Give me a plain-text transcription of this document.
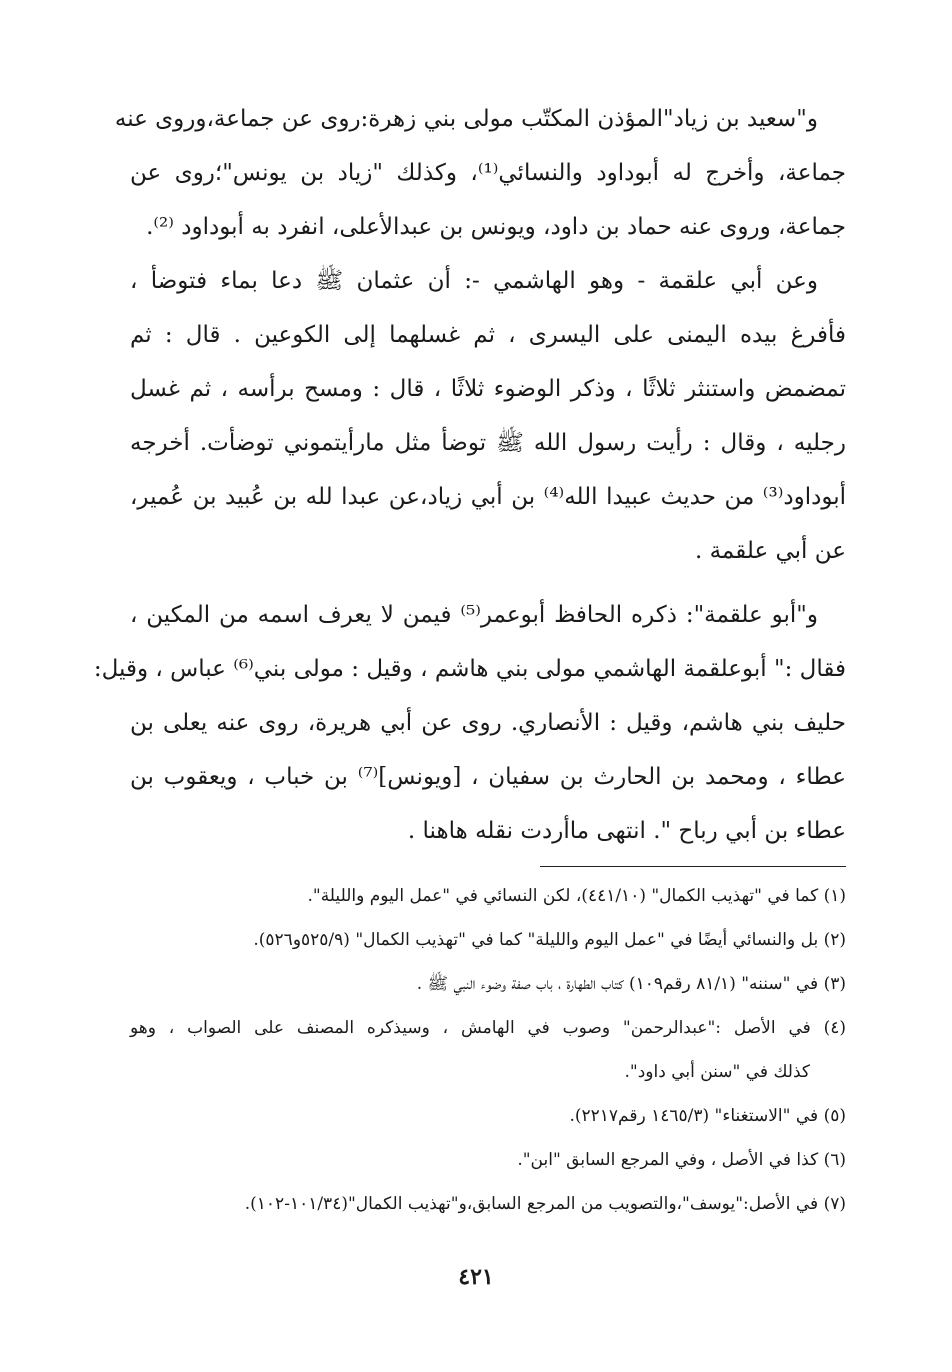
و"سعيد بن زياد"المؤذن المكتّب مولى بني زهرة:روى عن جماعة،وروى عنه
جماعة، وأخرج له أبوداود والنسائي⁽¹⁾، وكذلك "زياد بن يونس"؛روى عن
جماعة، وروى عنه حماد بن داود، ويونس بن عبدالأعلى، انفرد به أبوداود ⁽²⁾.
وعن أبي علقمة - وهو الهاشمي -: أن عثمان ﷺ دعا بماء فتوضأ ،
فأفرغ بيده اليمنى على اليسرى ، ثم غسلهما إلى الكوعين . قال : ثم
تمضمض واستنثر ثلاثًا ، وذكر الوضوء ثلاثًا ، قال : ومسح برأسه ، ثم غسل
رجليه ، وقال : رأيت رسول الله ﷺ توضأ مثل مارأيتموني توضأت. أخرجه
أبوداود⁽³⁾ من حديث عبيدا الله⁽⁴⁾ بن أبي زياد،عن عبدا لله بن عُبيد بن عُمير،
عن أبي علقمة .
و"أبو علقمة": ذكره الحافظ أبوعمر⁽⁵⁾ فيمن لا يعرف اسمه من المكين ،
فقال :" أبوعلقمة الهاشمي مولى بني هاشم ، وقيل : مولى بني⁽⁶⁾ عباس ، وقيل:
حليف بني هاشم، وقيل : الأنصاري. روى عن أبي هريرة، روى عنه يعلى بن
عطاء ، ومحمد بن الحارث بن سفيان ، [ويونس]⁽⁷⁾ بن خباب ، ويعقوب بن
عطاء بن أبي رباح ". انتهى ماأردت نقله هاهنا .
(١) كما في "تهذيب الكمال" (٤٤١/١٠)، لكن النسائي في "عمل اليوم والليلة".
(٢) بل والنسائي أيضًا في "عمل اليوم والليلة" كما في "تهذيب الكمال" (٥٢٥/٩و٥٢٦).
(٣) في "سننه" (٨١/١ رقم١٠٩) كتاب الطهارة ، باب صفة وضوء النبي ﷺ .
(٤) في الأصل :"عبدالرحمن" وصوب في الهامش ، وسيذكره المصنف على الصواب ، وهو
كذلك في "سنن أبي داود".
(٥) في "الاستغناء" (١٤٦٥/٣ رقم٢٢١٧).
(٦) كذا في الأصل ، وفي المرجع السابق "ابن".
(٧) في الأصل:"يوسف"،والتصويب من المرجع السابق،و"تهذيب الكمال"(١٠١/٣٤-١٠٢).
٤٢١
